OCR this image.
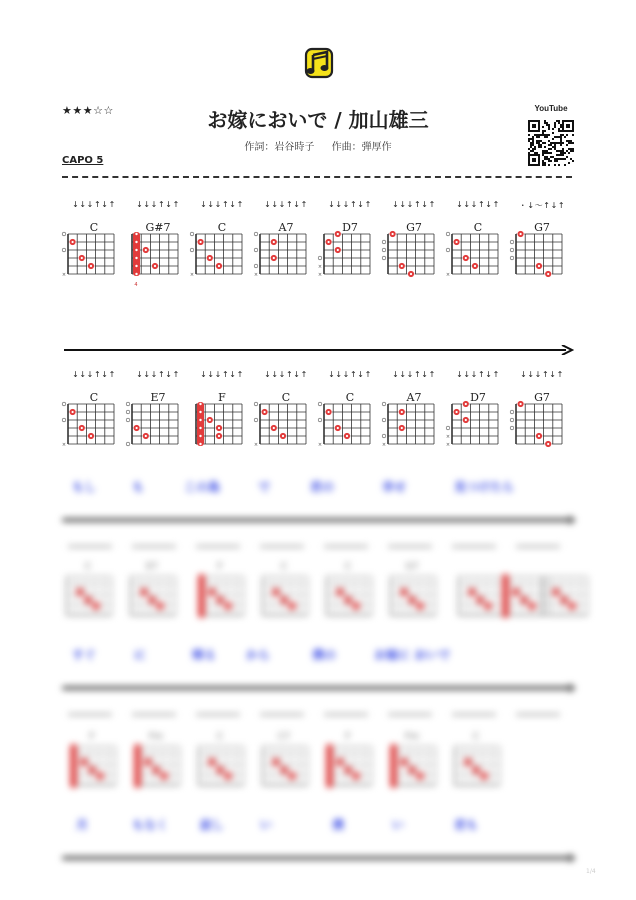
★★★☆☆	お嫁においで / 加山雄三
作詞：岩谷時子 作曲：弾厚作
YouTube
CAPO 5
↓↓↓↑↓↑
C
×
↓↓↓↑↓↑
G#7
4
↓↓↓↑↓↑
C
×
↓↓↓↑↓↑
A7
×
↓↓↓↑↓↑
D7
×
×
↓↓↓↑↓↑
G7
↓↓↓↑↓↑
C
×
・↓〜↑↓↑
G7
↓↓↓↑↓↑
C
×
↓↓↓↑↓↑
E7
↓↓↓↑↓↑
F
↓↓↓↑↓↑
C
×
↓↓↓↑↓↑
C
×
↓↓↓↑↓↑
A7
×
↓↓↓↑↓↑
D7
×
×
↓↓↓↑↓↑
G7
もし	も	この島	で	君の	幸せ	見つけたら
C	E7	F	C	C	G7
すぐ	に	帰る から	僕の	お嫁に おいで
F	Fm	C	C7	F	Fm	C
月	もなく	寂し	い	僕	い	君も
1/4
